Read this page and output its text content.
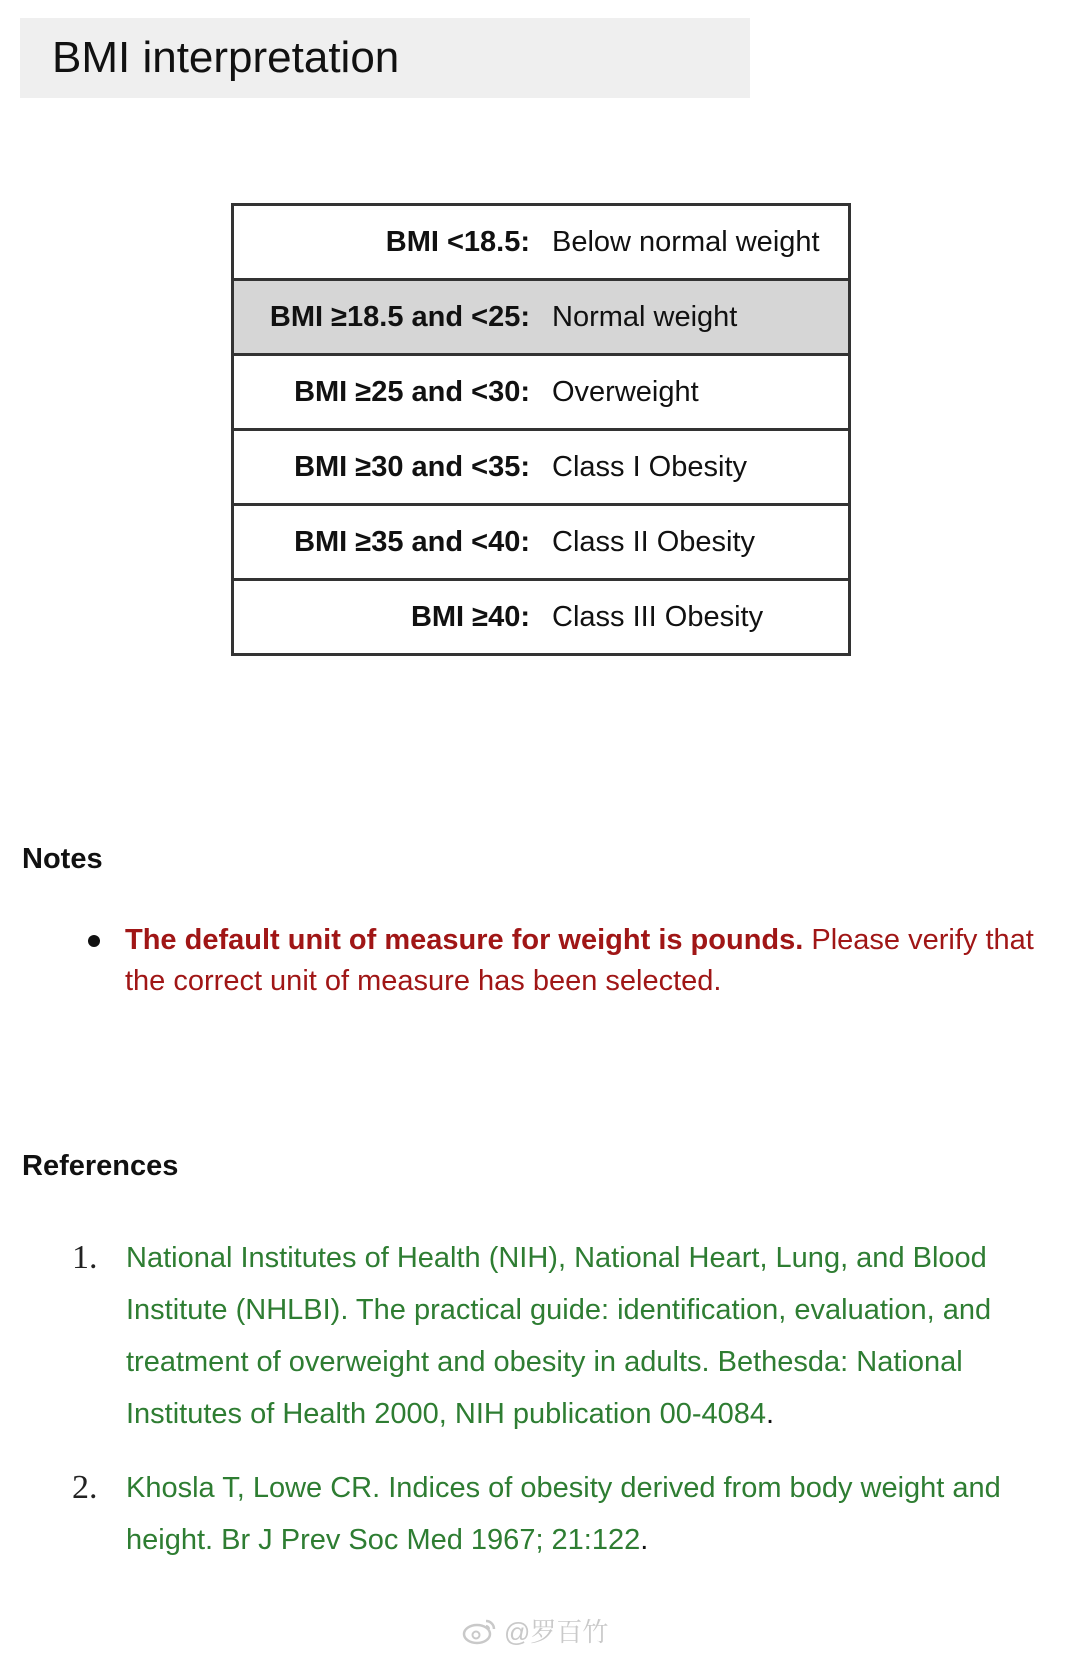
BMI interpretation
BMI <18.5:	Below normal weight
BMI ≥18.5 and <25:	Normal weight
BMI ≥25 and <30:	Overweight
BMI ≥30 and <35:	Class I Obesity
BMI ≥35 and <40:	Class II Obesity
BMI ≥40:	Class III Obesity
Notes
The default unit of measure for weight is pounds. Please verify that the correct unit of measure has been selected.
References
1. National Institutes of Health (NIH), National Heart, Lung, and Blood Institute (NHLBI). The practical guide: identification, evaluation, and treatment of overweight and obesity in adults. Bethesda: National Institutes of Health 2000, NIH publication 00-4084.
2. Khosla T, Lowe CR. Indices of obesity derived from body weight and height. Br J Prev Soc Med 1967; 21:122.
@罗百竹
